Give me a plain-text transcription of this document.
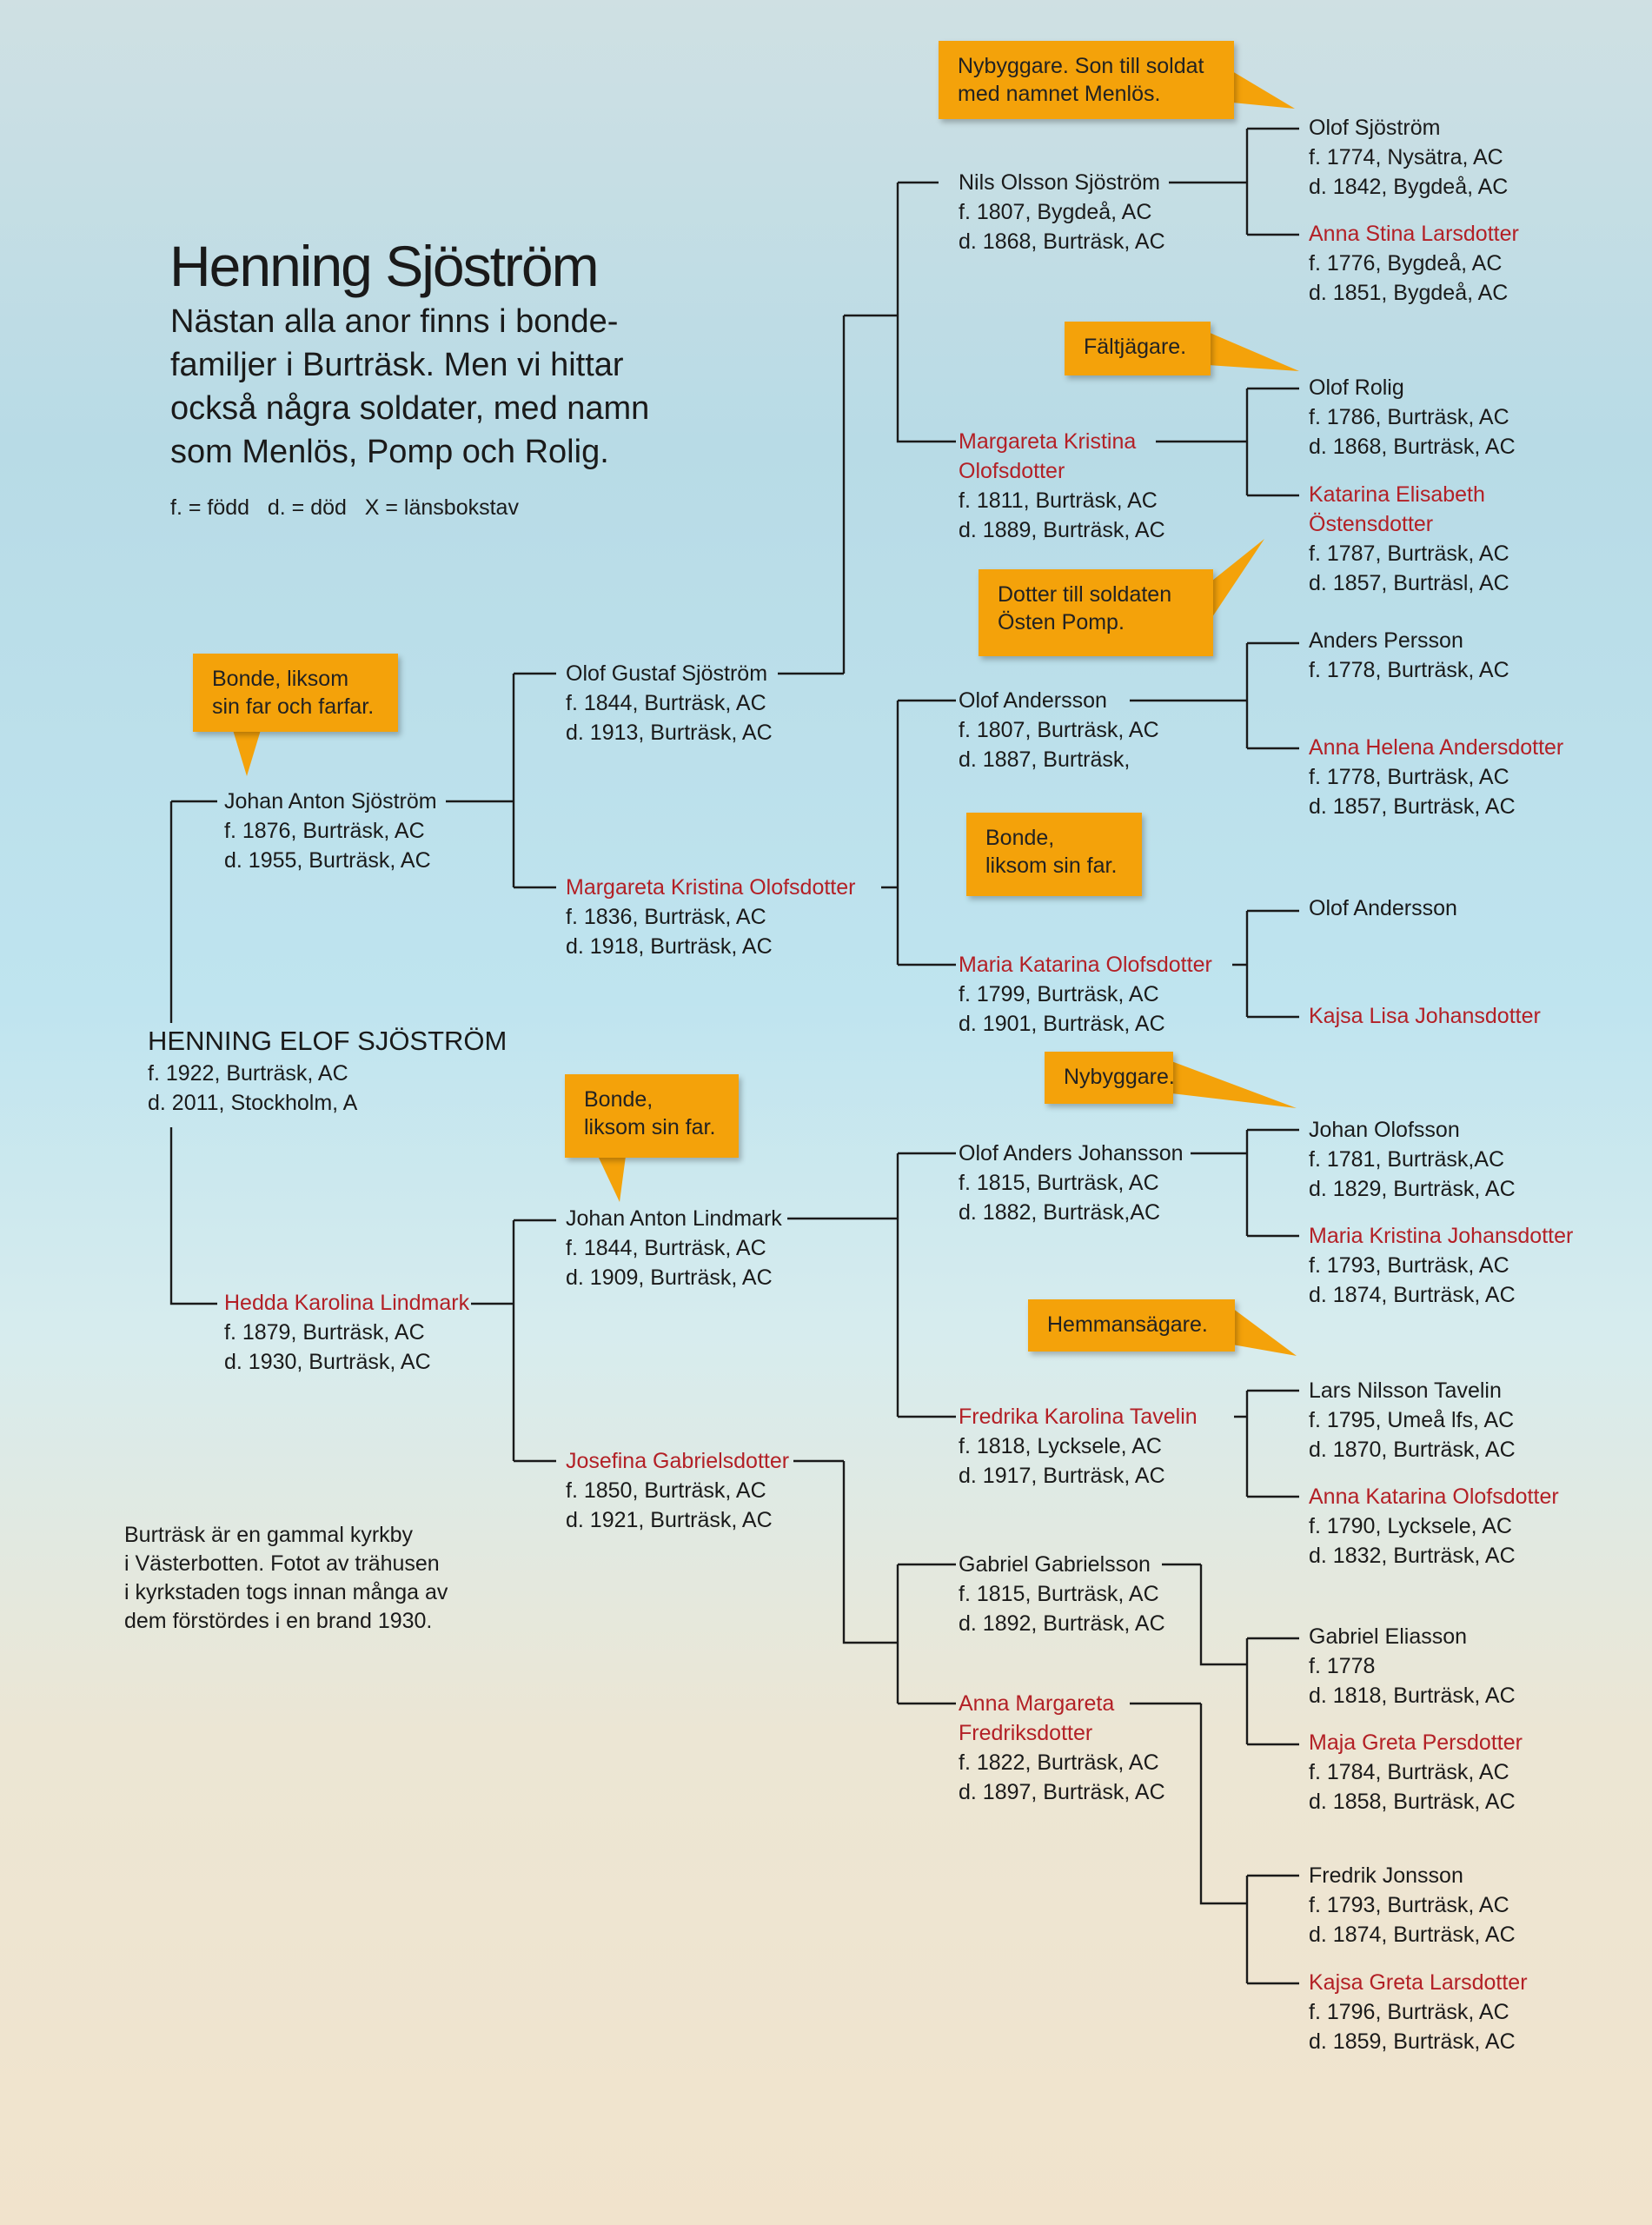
Henning Sjöström
Nästan alla anor finns i bonde-
familjer i Burträsk. Men vi hittar
också några soldater, med namn
som Menlös, Pomp och Rolig.
f. = född   d. = död   X = länsbokstav
HENNING ELOF SJÖSTRÖM
f. 1922, Burträsk, AC
d. 2011, Stockholm, A
Johan Anton Sjöström
f. 1876, Burträsk, AC
d. 1955, Burträsk, AC
Hedda Karolina Lindmark
f. 1879, Burträsk, AC
d. 1930, Burträsk, AC
Olof Gustaf Sjöström
f. 1844, Burträsk, AC
d. 1913, Burträsk, AC
Margareta Kristina Olofsdotter
f. 1836, Burträsk, AC
d. 1918, Burträsk, AC
Johan Anton Lindmark
f. 1844, Burträsk, AC
d. 1909, Burträsk, AC
Josefina Gabrielsdotter
f. 1850, Burträsk, AC
d. 1921, Burträsk, AC
Nils Olsson Sjöström
f. 1807, Bygdeå, AC
d. 1868, Burträsk, AC
Margareta Kristina
Olofsdotter
f. 1811, Burträsk, AC
d. 1889, Burträsk, AC
Olof Andersson
f. 1807, Burträsk, AC
d. 1887, Burträsk,
Maria Katarina Olofsdotter
f. 1799, Burträsk, AC
d. 1901, Burträsk, AC
Olof Anders Johansson
f. 1815, Burträsk, AC
d. 1882, Burträsk,AC
Fredrika Karolina Tavelin
f. 1818, Lycksele, AC
d. 1917, Burträsk, AC
Gabriel Gabrielsson
f. 1815, Burträsk, AC
d. 1892, Burträsk, AC
Anna Margareta
Fredriksdotter
f. 1822, Burträsk, AC
d. 1897, Burträsk, AC
Olof Sjöström
f. 1774, Nysätra, AC
d. 1842, Bygdeå, AC
Anna Stina Larsdotter
f. 1776, Bygdeå, AC
d. 1851, Bygdeå, AC
Olof Rolig
f. 1786, Burträsk, AC
d. 1868, Burträsk, AC
Katarina Elisabeth
Östensdotter
f. 1787, Burträsk, AC
d. 1857, Burträsl, AC
Anders Persson
f. 1778, Burträsk, AC
Anna Helena Andersdotter
f. 1778, Burträsk, AC
d. 1857, Burträsk, AC
Olof Andersson
Kajsa Lisa Johansdotter
Johan Olofsson
f. 1781, Burträsk,AC
d. 1829, Burträsk, AC
Maria Kristina Johansdotter
f. 1793, Burträsk, AC
d. 1874, Burträsk, AC
Lars Nilsson Tavelin
f. 1795, Umeå lfs, AC
d. 1870, Burträsk, AC
Anna Katarina Olofsdotter
f. 1790, Lycksele, AC
d. 1832, Burträsk, AC
Gabriel Eliasson
f. 1778
d. 1818, Burträsk, AC
Maja Greta Persdotter
f. 1784, Burträsk, AC
d. 1858, Burträsk, AC
Fredrik Jonsson
f. 1793, Burträsk, AC
d. 1874, Burträsk, AC
Kajsa Greta Larsdotter
f. 1796, Burträsk, AC
d. 1859, Burträsk, AC
Bonde, liksom
sin far och farfar.
Bonde,
liksom sin far.
Nybyggare. Son till soldat
med namnet Menlös.
Fältjägare.
Dotter till soldaten
Östen Pomp.
Bonde,
liksom sin far.
Nybyggare.
Hemmansägare.
Burträsk är en gammal kyrkby
i Västerbotten. Fotot av trähusen
i kyrkstaden togs innan många av
dem förstördes i en brand 1930.
